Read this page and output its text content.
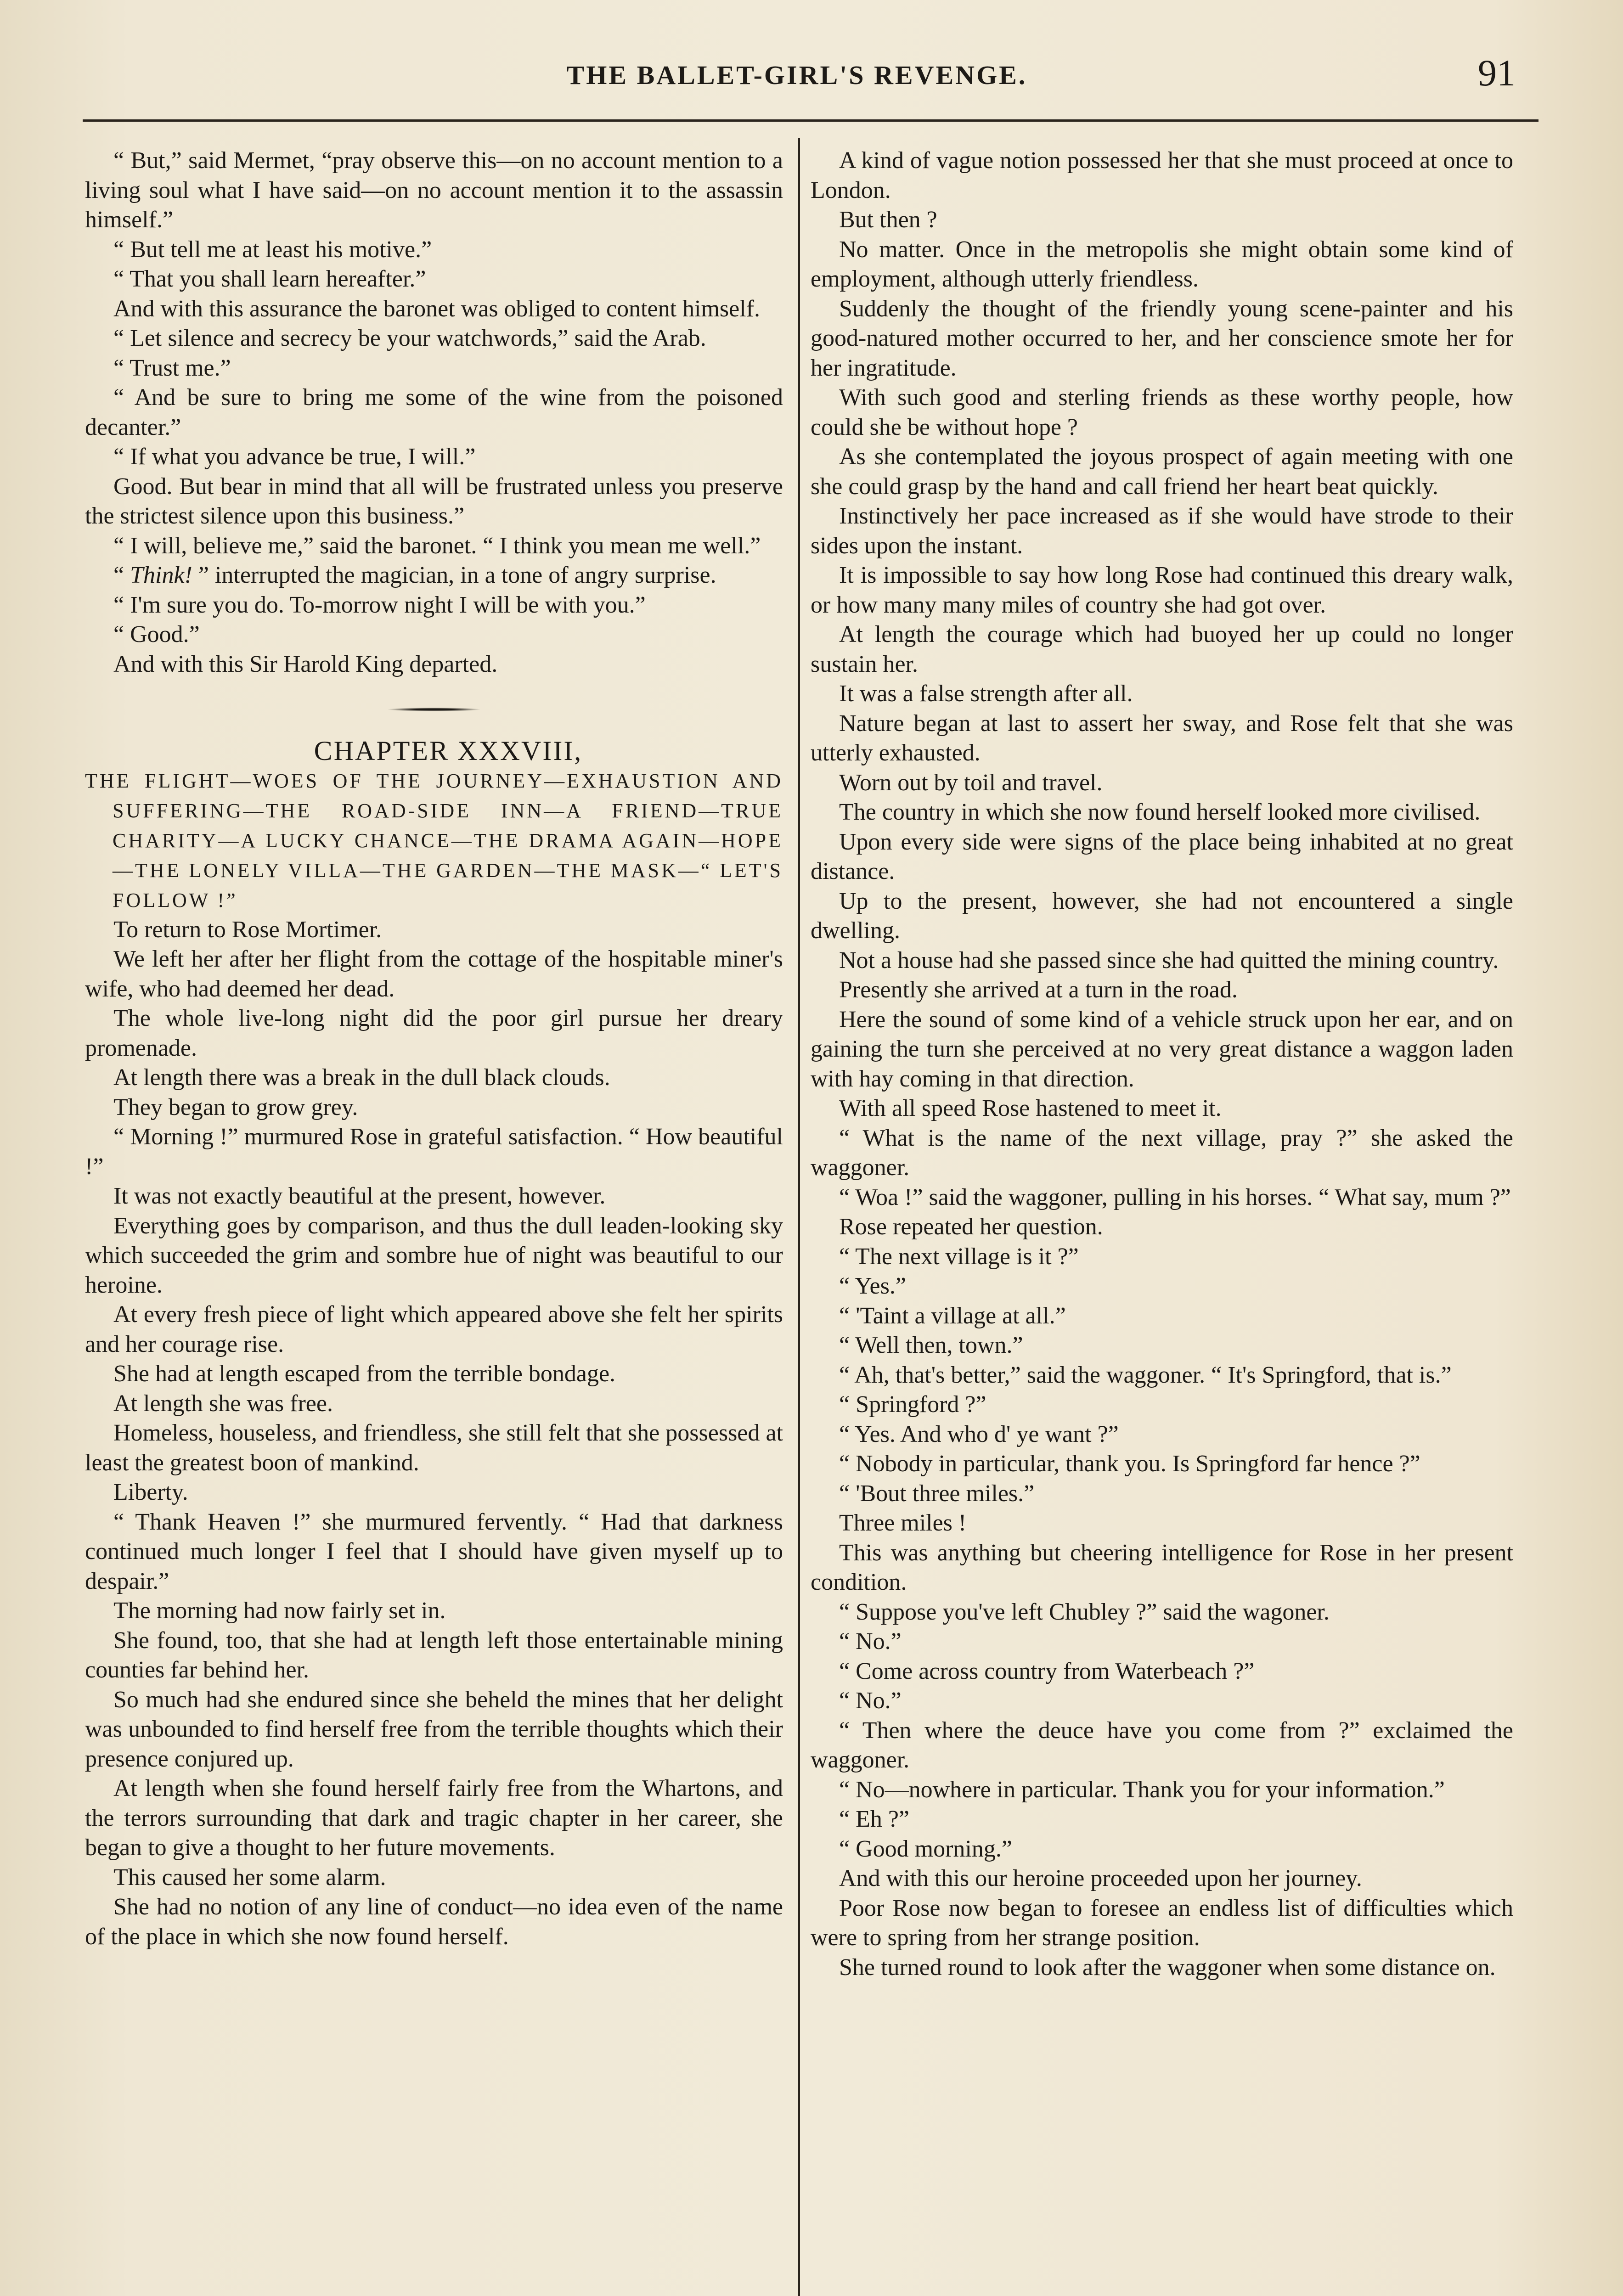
THE BALLET-GIRL'S REVENGE.	91

“ But,” said Mermet, “pray observe this—on no account mention to a living soul what I have said—on no account mention it to the assassin himself.”

“ But tell me at least his motive.”

“ That you shall learn hereafter.”

And with this assurance the baronet was obliged to content himself.

“ Let silence and secrecy be your watchwords,” said the Arab.

“ Trust me.”

“ And be sure to bring me some of the wine from the poisoned decanter.”

“ If what you advance be true, I will.”

Good. But bear in mind that all will be frustrated unless you preserve the strictest silence upon this business.”

“ I will, believe me,” said the baronet. “ I think you mean me well.”

“ Think! ” interrupted the magician, in a tone of angry surprise.

“ I'm sure you do. To-morrow night I will be with you.”

“ Good.”

And with this Sir Harold King departed.

CHAPTER XXXVIII,

THE FLIGHT—WOES OF THE JOURNEY—EXHAUSTION AND SUFFERING—THE ROAD-SIDE INN—A FRIEND—TRUE CHARITY—A LUCKY CHANCE—THE DRAMA AGAIN—HOPE—THE LONELY VILLA—THE GARDEN—THE MASK—“ LET'S FOLLOW !”

To return to Rose Mortimer.

We left her after her flight from the cottage of the hospitable miner's wife, who had deemed her dead.

The whole live-long night did the poor girl pursue her dreary promenade.

At length there was a break in the dull black clouds.

They began to grow grey.

“ Morning !” murmured Rose in grateful satisfaction. “ How beautiful !”

It was not exactly beautiful at the present, however.

Everything goes by comparison, and thus the dull leaden-looking sky which succeeded the grim and sombre hue of night was beautiful to our heroine.

At every fresh piece of light which appeared above she felt her spirits and her courage rise.

She had at length escaped from the terrible bondage.

At length she was free.

Homeless, houseless, and friendless, she still felt that she possessed at least the greatest boon of mankind.

Liberty.

“ Thank Heaven !” she murmured fervently. “ Had that darkness continued much longer I feel that I should have given myself up to despair.”

The morning had now fairly set in.

She found, too, that she had at length left those entertainable mining counties far behind her.

So much had she endured since she beheld the mines that her delight was unbounded to find herself free from the terrible thoughts which their presence conjured up.

At length when she found herself fairly free from the Whartons, and the terrors surrounding that dark and tragic chapter in her career, she began to give a thought to her future movements.

This caused her some alarm.

She had no notion of any line of conduct—no idea even of the name of the place in which she now found herself.

A kind of vague notion possessed her that she must proceed at once to London.

But then ?

No matter. Once in the metropolis she might obtain some kind of employment, although utterly friendless.

Suddenly the thought of the friendly young scene-painter and his good-natured mother occurred to her, and her conscience smote her for her ingratitude.

With such good and sterling friends as these worthy people, how could she be without hope ?

As she contemplated the joyous prospect of again meeting with one she could grasp by the hand and call friend her heart beat quickly.

Instinctively her pace increased as if she would have strode to their sides upon the instant.

It is impossible to say how long Rose had continued this dreary walk, or how many many miles of country she had got over.

At length the courage which had buoyed her up could no longer sustain her.

It was a false strength after all.

Nature began at last to assert her sway, and Rose felt that she was utterly exhausted.

Worn out by toil and travel.

The country in which she now found herself looked more civilised.

Upon every side were signs of the place being inhabited at no great distance.

Up to the present, however, she had not encountered a single dwelling.

Not a house had she passed since she had quitted the mining country.

Presently she arrived at a turn in the road.

Here the sound of some kind of a vehicle struck upon her ear, and on gaining the turn she perceived at no very great distance a waggon laden with hay coming in that direction.

With all speed Rose hastened to meet it.

“ What is the name of the next village, pray ?” she asked the waggoner.

“ Woa !” said the waggoner, pulling in his horses. “ What say, mum ?”

Rose repeated her question.

“ The next village is it ?”

“ Yes.”

“ 'Taint a village at all.”

“ Well then, town.”

“ Ah, that's better,” said the waggoner. “ It's Springford, that is.”

“ Springford ?”

“ Yes. And who d' ye want ?”

“ Nobody in particular, thank you. Is Springford far hence ?”

“ 'Bout three miles.”

Three miles !

This was anything but cheering intelligence for Rose in her present condition.

“ Suppose you've left Chubley ?” said the wagoner.

“ No.”

“ Come across country from Waterbeach ?”

“ No.”

“ Then where the deuce have you come from ?” exclaimed the waggoner.

“ No—nowhere in particular. Thank you for your information.”

“ Eh ?”

“ Good morning.”

And with this our heroine proceeded upon her journey.

Poor Rose now began to foresee an endless list of difficulties which were to spring from her strange position.

She turned round to look after the waggoner when some distance on.
